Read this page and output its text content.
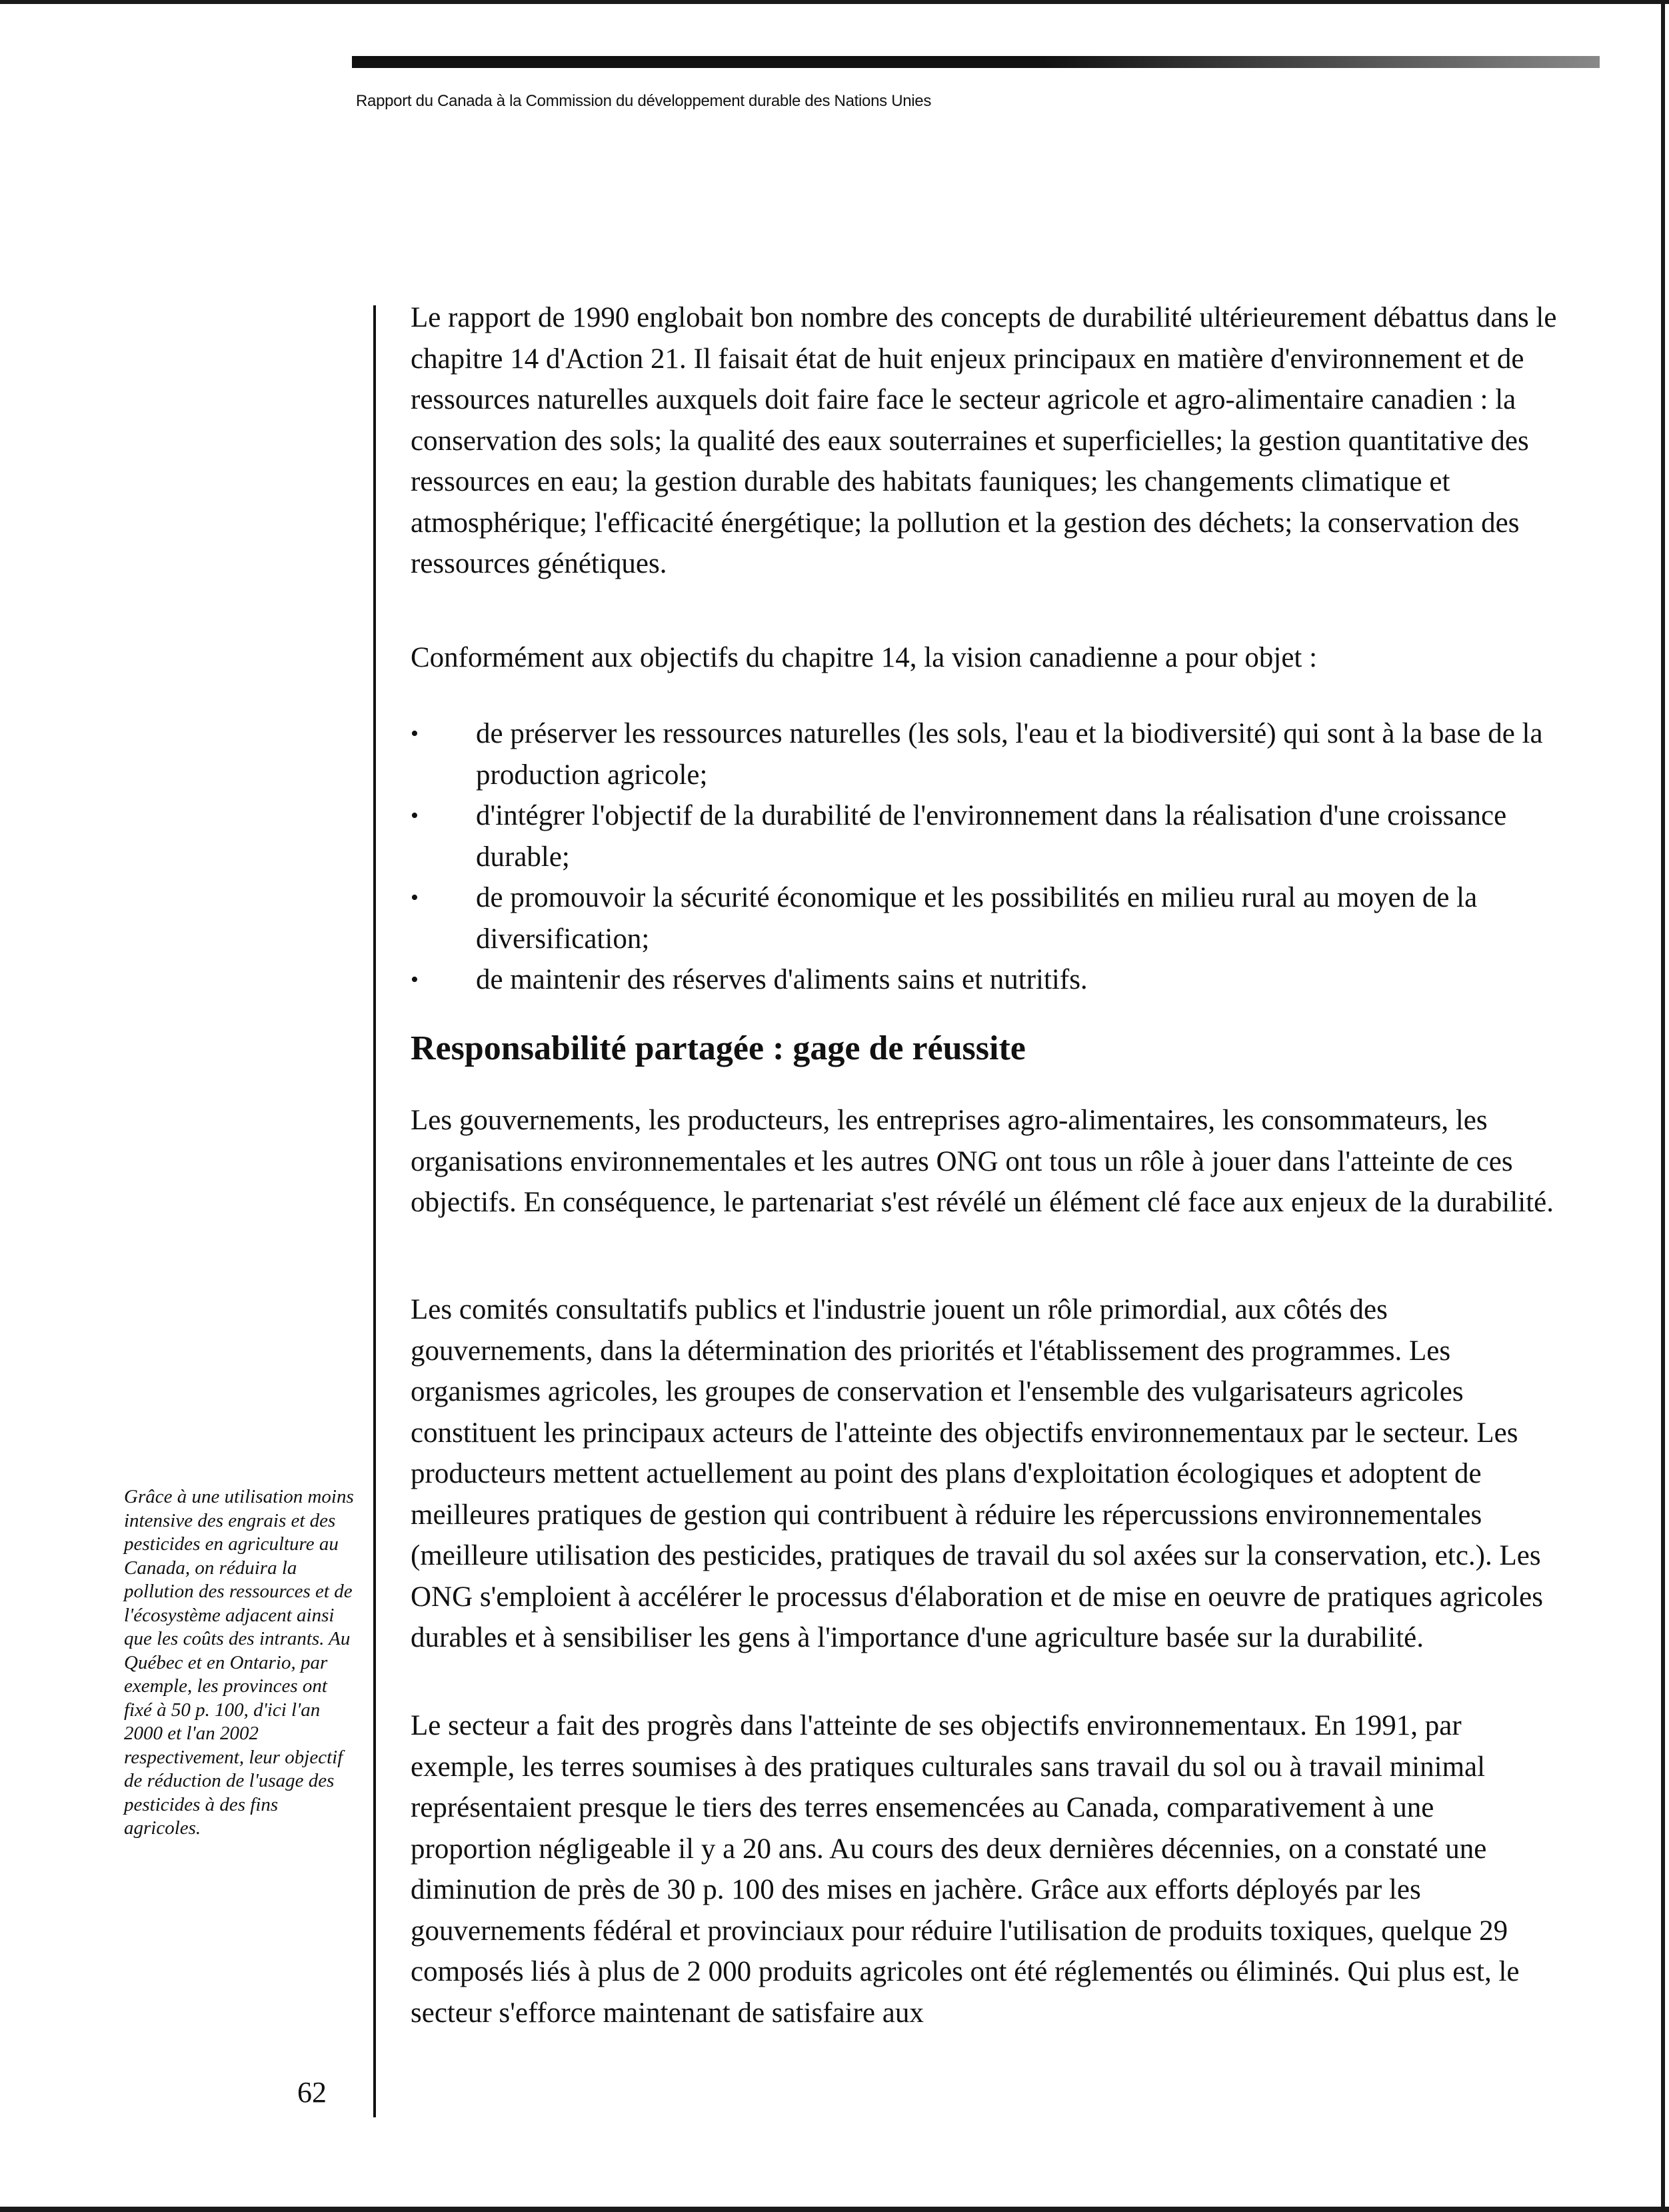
Rapport du Canada à la Commission du développement durable des Nations Unies

Le rapport de 1990 englobait bon nombre des concepts de durabilité ultérieurement débattus dans le chapitre 14 d'Action 21. Il faisait état de huit enjeux principaux en matière d'environnement et de ressources naturelles auxquels doit faire face le secteur agricole et agro-alimentaire canadien : la conservation des sols; la qualité des eaux souterraines et superficielles; la gestion quantitative des ressources en eau; la gestion durable des habitats fauniques; les changements climatique et atmosphérique; l'efficacité énergétique; la pollution et la gestion des déchets; la conservation des ressources génétiques.

Conformément aux objectifs du chapitre 14, la vision canadienne a pour objet :

•	de préserver les ressources naturelles (les sols, l'eau et la biodiversité) qui sont à la base de la production agricole;
•	d'intégrer l'objectif de la durabilité de l'environnement dans la réalisation d'une croissance durable;
•	de promouvoir la sécurité économique et les possibilités en milieu rural au moyen de la diversification;
•	de maintenir des réserves d'aliments sains et nutritifs.
Responsabilité partagée : gage de réussite

Les gouvernements, les producteurs, les entreprises agro-alimentaires, les consommateurs, les organisations environnementales et les autres ONG ont tous un rôle à jouer dans l'atteinte de ces objectifs. En conséquence, le partenariat s'est révélé un élément clé face aux enjeux de la durabilité.

Les comités consultatifs publics et l'industrie jouent un rôle primordial, aux côtés des gouvernements, dans la détermination des priorités et l'établissement des programmes. Les organismes agricoles, les groupes de conservation et l'ensemble des vulgarisateurs agricoles constituent les principaux acteurs de l'atteinte des objectifs environnementaux par le secteur. Les producteurs mettent actuellement au point des plans d'exploitation écologiques et adoptent de meilleures pratiques de gestion qui contribuent à réduire les répercussions environnementales (meilleure utilisation des pesticides, pratiques de travail du sol axées sur la conservation, etc.). Les ONG s'emploient à accélérer le processus d'élaboration et de mise en oeuvre de pratiques agricoles durables et à sensibiliser les gens à l'importance d'une agriculture basée sur la durabilité.

Le secteur a fait des progrès dans l'atteinte de ses objectifs environnementaux. En 1991, par exemple, les terres soumises à des pratiques culturales sans travail du sol ou à travail minimal représentaient presque le tiers des terres ensemencées au Canada, comparativement à une proportion négligeable il y a 20 ans. Au cours des deux dernières décennies, on a constaté une diminution de près de 30 p. 100 des mises en jachère. Grâce aux efforts déployés par les gouvernements fédéral et provinciaux pour réduire l'utilisation de produits toxiques, quelque 29 composés liés à plus de 2 000 produits agricoles ont été réglementés ou éliminés. Qui plus est, le secteur s'efforce maintenant de satisfaire aux

Grâce à une utilisation moins intensive des engrais et des pesticides en agriculture au Canada, on réduira la pollution des ressources et de l'écosystème adjacent ainsi que les coûts des intrants. Au Québec et en Ontario, par exemple, les provinces ont fixé à 50 p. 100, d'ici l'an 2000 et l'an 2002 respectivement, leur objectif de réduction de l'usage des pesticides à des fins agricoles.
62
